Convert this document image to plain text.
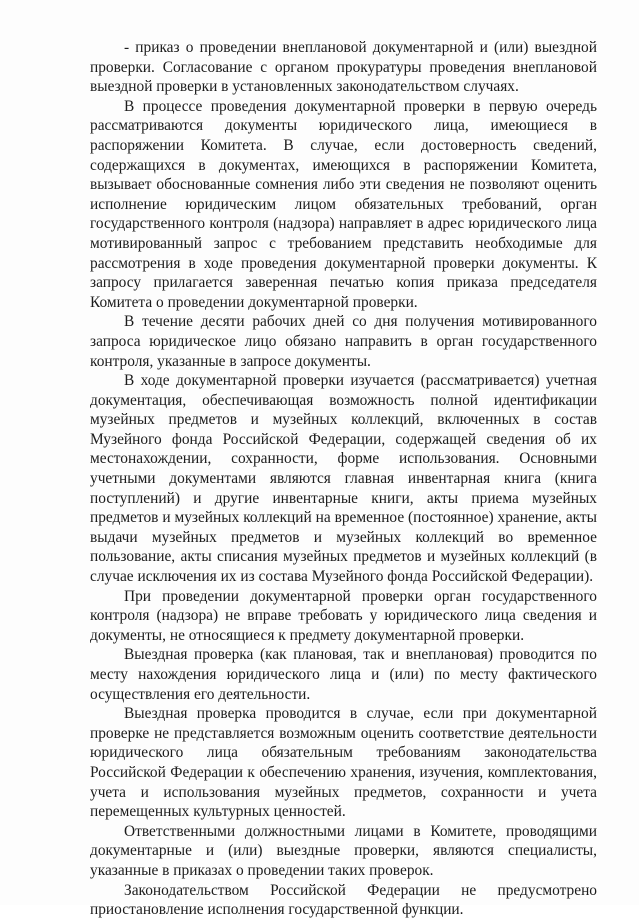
- приказ о проведении внеплановой документарной и (или) выездной проверки. Согласование с органом прокуратуры проведения внеплановой выездной проверки в установленных законодательством случаях.

В процессе проведения документарной проверки в первую очередь рассматриваются документы юридического лица, имеющиеся в распоряжении Комитета. В случае, если достоверность сведений, содержащихся в документах, имеющихся в распоряжении Комитета, вызывает обоснованные сомнения либо эти сведения не позволяют оценить исполнение юридическим лицом обязательных требований, орган государственного контроля (надзора) направляет в адрес юридического лица мотивированный запрос с требованием представить необходимые для рассмотрения в ходе проведения документарной проверки документы. К запросу прилагается заверенная печатью копия приказа председателя Комитета о проведении документарной проверки.

В течение десяти рабочих дней со дня получения мотивированного запроса юридическое лицо обязано направить в орган государственного контроля, указанные в запросе документы.

В ходе документарной проверки изучается (рассматривается) учетная документация, обеспечивающая возможность полной идентификации музейных предметов и музейных коллекций, включенных в состав Музейного фонда Российской Федерации, содержащей сведения об их местонахождении, сохранности, форме использования. Основными учетными документами являются главная инвентарная книга (книга поступлений) и другие инвентарные книги, акты приема музейных предметов и музейных коллекций на временное (постоянное) хранение, акты выдачи музейных предметов и музейных коллекций во временное пользование, акты списания музейных предметов и музейных коллекций (в случае исключения их из состава Музейного фонда Российской Федерации).

При проведении документарной проверки орган государственного контроля (надзора) не вправе требовать у юридического лица сведения и документы, не относящиеся к предмету документарной проверки.

Выездная проверка (как плановая, так и внеплановая) проводится по месту нахождения юридического лица и (или) по месту фактического осуществления его деятельности.

Выездная проверка проводится в случае, если при документарной проверке не представляется возможным оценить соответствие деятельности юридического лица обязательным требованиям законодательства Российской Федерации к обеспечению хранения, изучения, комплектования, учета и использования музейных предметов, сохранности и учета перемещенных культурных ценностей.

Ответственными должностными лицами в Комитете, проводящими документарные и (или) выездные проверки, являются специалисты, указанные в приказах о проведении таких проверок.

Законодательством Российской Федерации не предусмотрено приостановление исполнения государственной функции.
